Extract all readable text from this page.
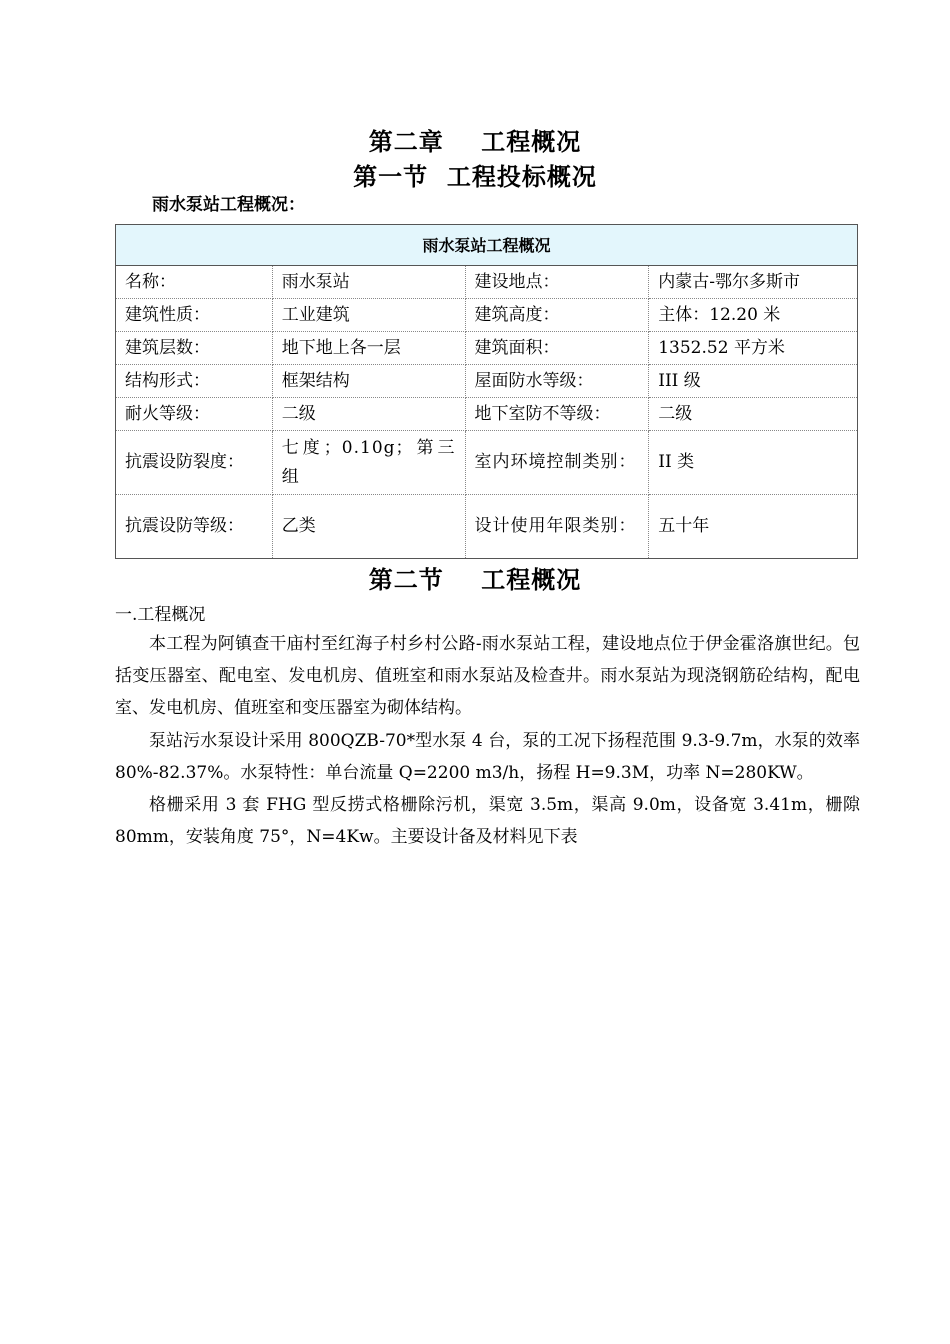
第二章    工程概况
第一节  工程投标概况
雨水泵站工程概况：
雨水泵站工程概况			
名称：	雨水泵站	建设地点：	内蒙古-鄂尔多斯市
建筑性质：	工业建筑	建筑高度：	主体：12.20 米
建筑层数：	地下地上各一层	建筑面积：	1352.52 平方米
结构形式：	框架结构	屋面防水等级：	III 级
耐火等级：	二级	地下室防不等级：	二级
抗震设防裂度：	七度；0.10g；第三组	室内环境控制类别：	II 类
抗震设防等级：	乙类	设计使用年限类别：	五十年
第二节    工程概况
一.工程概况

本工程为阿镇查干庙村至红海子村乡村公路-雨水泵站工程，建设地点位于伊金霍洛旗世纪。包括变压器室、配电室、发电机房、值班室和雨水泵站及检查井。雨水泵站为现浇钢筋砼结构，配电室、发电机房、值班室和变压器室为砌体结构。

泵站污水泵设计采用 800QZB-70*型水泵 4 台，泵的工况下扬程范围 9.3-9.7m，水泵的效率 80%-82.37%。水泵特性：单台流量 Q=2200 m3/h，扬程 H=9.3M，功率 N=280KW。

格栅采用 3 套 FHG 型反捞式格栅除污机，渠宽 3.5m，渠高 9.0m，设备宽 3.41m，栅隙 80mm，安装角度 75°，N=4Kw。主要设计备及材料见下表
